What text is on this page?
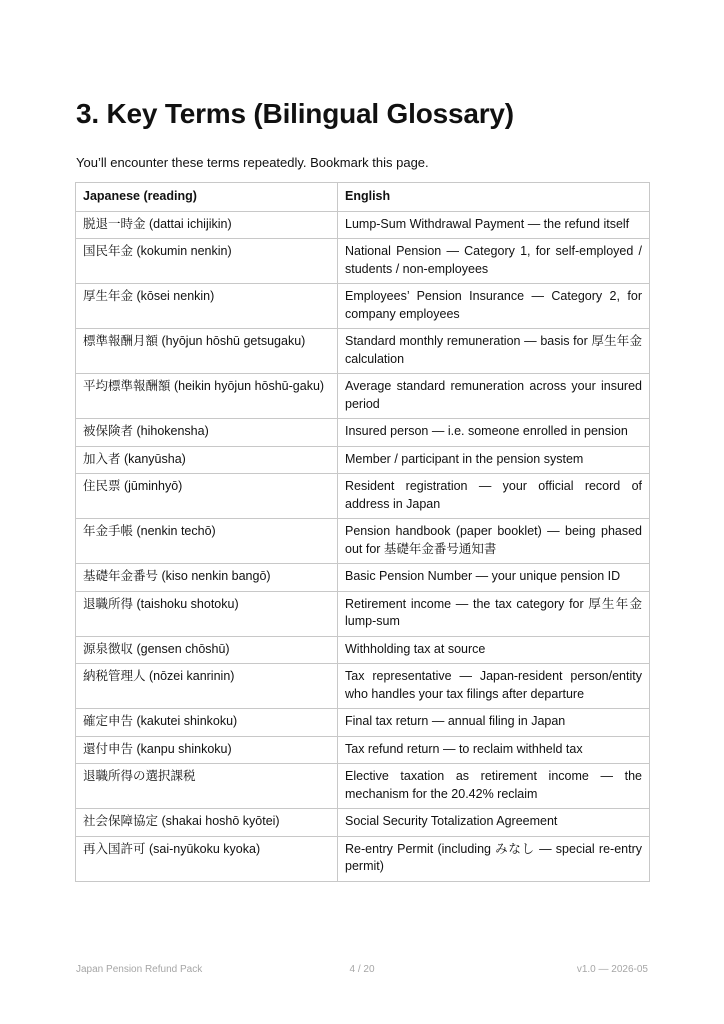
3. Key Terms (Bilingual Glossary)

You’ll encounter these terms repeatedly. Bookmark this page.

Japanese (reading)	English
脱退一時金 (dattai ichijikin)	Lump-Sum Withdrawal Payment — the refund itself
国民年金 (kokumin nenkin)	National Pension — Category 1, for self-employed / students / non-employees
厚生年金 (kōsei nenkin)	Employees’ Pension Insurance — Category 2, for company employees
標準報酬月額 (hyōjun hōshū getsugaku)	Standard monthly remuneration — basis for 厚生年金 calculation
平均標準報酬額 (heikin hyōjun hōshū-gaku)	Average standard remuneration across your insured period
被保険者 (hihokensha)	Insured person — i.e. someone enrolled in pension
加入者 (kanyūsha)	Member / participant in the pension system
住民票 (jūminhyō)	Resident registration — your official record of address in Japan
年金手帳 (nenkin techō)	Pension handbook (paper booklet) — being phased out for 基礎年金番号通知書
基礎年金番号 (kiso nenkin bangō)	Basic Pension Number — your unique pension ID
退職所得 (taishoku shotoku)	Retirement income — the tax category for 厚生年金 lump-sum
源泉徴収 (gensen chōshū)	Withholding tax at source
納税管理人 (nōzei kanrinin)	Tax representative — Japan-resident person/entity who handles your tax filings after departure
確定申告 (kakutei shinkoku)	Final tax return — annual filing in Japan
還付申告 (kanpu shinkoku)	Tax refund return — to reclaim withheld tax
退職所得の選択課税	Elective taxation as retirement income — the mechanism for the 20.42% reclaim
社会保障協定 (shakai hoshō kyōtei)	Social Security Totalization Agreement
再入国許可 (sai-nyūkoku kyoka)	Re-entry Permit (including みなし — special re-entry permit)
Japan Pension Refund Pack	4 / 20	v1.0 — 2026-05
